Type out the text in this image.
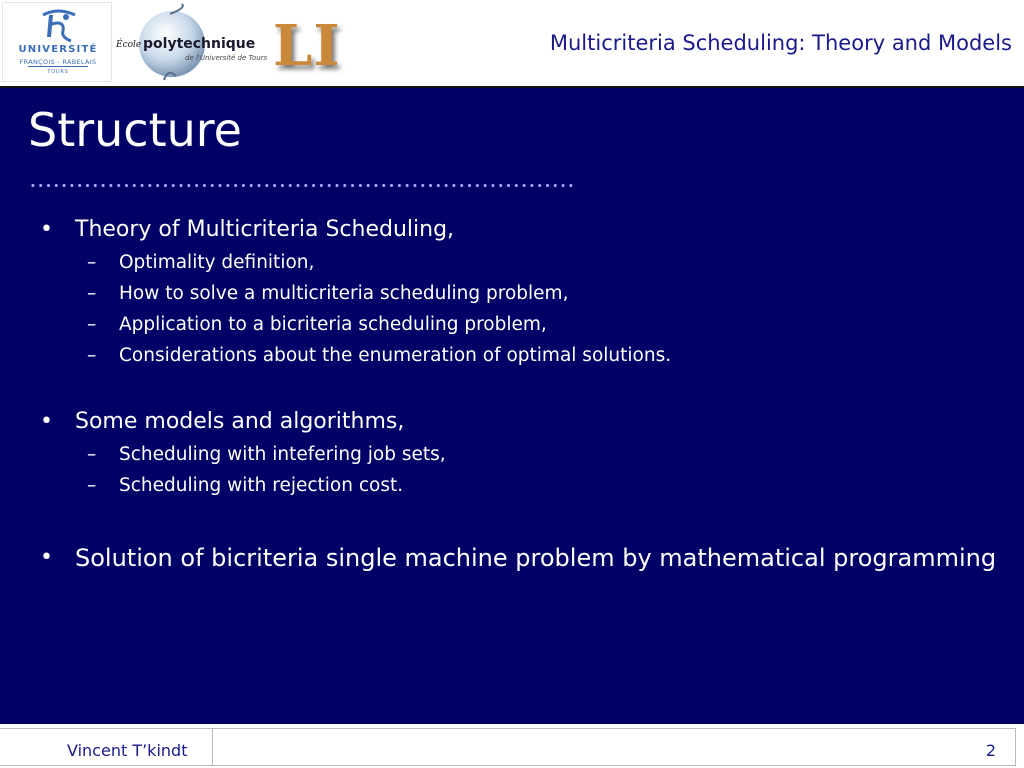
UNIVERSITÉ
FRANÇOIS - RABELAIS
TOURS
École polytechnique
de l'Université de Tours LI	Multicriteria Scheduling: Theory and Models
Structure
• Theory of Multicriteria Scheduling,
– Optimality definition,
– How to solve a multicriteria scheduling problem,
– Application to a bicriteria scheduling problem,
– Considerations about the enumeration of optimal solutions.
• Some models and algorithms,
– Scheduling with intefering job sets,
– Scheduling with rejection cost.
• Solution of bicriteria single machine problem by mathematical programming
Vincent T’kindt	2
